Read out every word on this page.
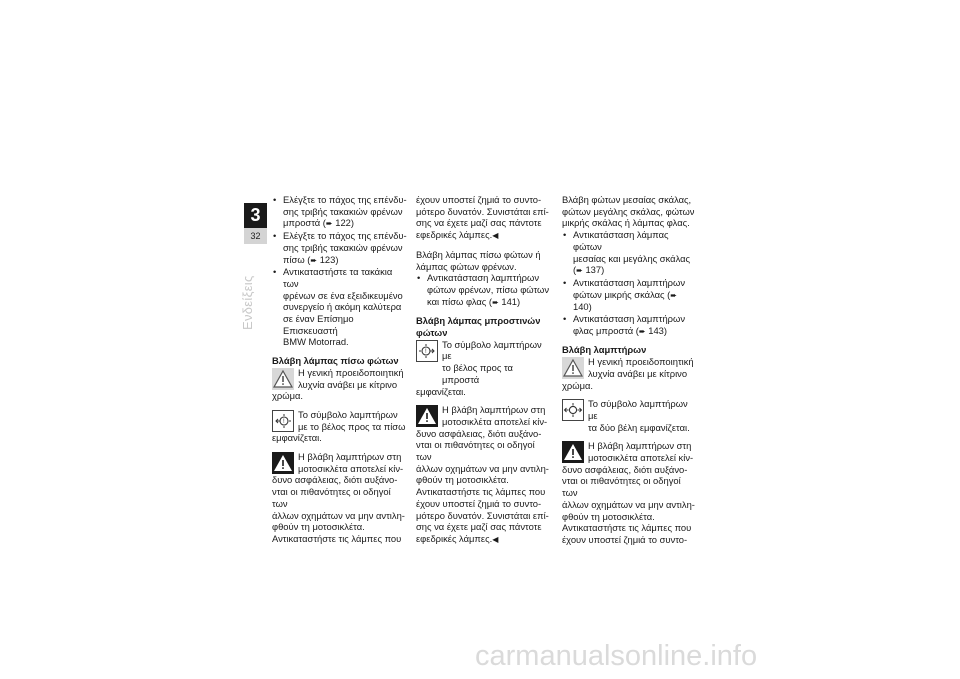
3
32
Ενδείξεις
• Ελέγξτε το πάχος της επένδυ-
σης τριβής τακακιών φρένων
μπροστά (➨ 122)
• Ελέγξτε το πάχος της επένδυ-
σης τριβής τακακιών φρένων
πίσω (➨ 123)
• Αντικαταστήστε τα τακάκια των
φρένων σε ένα εξειδικευμένο
συνεργείο ή ακόμη καλύτερα
σε έναν Επίσημο Επισκευαστή
BMW Motorrad.
Βλάβη λάμπας πίσω φώτων
Η γενική προειδοποιητική
λυχνία ανάβει με κίτρινο
χρώμα.
!
Το σύμβολο λαμπτήρων
με το βέλος προς τα πίσω
εμφανίζεται.
Η βλάβη λαμπτήρων στη
μοτοσικλέτα αποτελεί κίν-
δυνο ασφάλειας, διότι αυξάνο-
νται οι πιθανότητες οι οδηγοί των
άλλων οχημάτων να μην αντιλη-
φθούν τη μοτοσικλέτα.
Αντικαταστήστε τις λάμπες που
έχουν υποστεί ζημιά το συντο-
μότερο δυνατόν. Συνιστάται επί-
σης να έχετε μαζί σας πάντοτε
εφεδρικές λάμπες.◀
Βλάβη λάμπας πίσω φώτων ή
λάμπας φώτων φρένων.
• Αντικατάσταση λαμπτήρων
φώτων φρένων, πίσω φώτων
και πίσω φλας (➨ 141)
Βλάβη λάμπας μπροστινών
φώτων
!
Το σύμβολο λαμπτήρων με
το βέλος προς τα μπροστά
εμφανίζεται.
Η βλάβη λαμπτήρων στη
μοτοσικλέτα αποτελεί κίν-
δυνο ασφάλειας, διότι αυξάνο-
νται οι πιθανότητες οι οδηγοί των
άλλων οχημάτων να μην αντιλη-
φθούν τη μοτοσικλέτα.
Αντικαταστήστε τις λάμπες που
έχουν υποστεί ζημιά το συντο-
μότερο δυνατόν. Συνιστάται επί-
σης να έχετε μαζί σας πάντοτε
εφεδρικές λάμπες.◀
Βλάβη φώτων μεσαίας σκάλας,
φώτων μεγάλης σκάλας, φώτων
μικρής σκάλας ή λάμπας φλας.
• Αντικατάσταση λάμπας φώτων
μεσαίας και μεγάλης σκάλας
(➨ 137)
• Αντικατάσταση λαμπτήρων
φώτων μικρής σκάλας (➨ 140)
• Αντικατάσταση λαμπτήρων
φλας μπροστά (➨ 143)
Βλάβη λαμπτήρων
Η γενική προειδοποιητική
λυχνία ανάβει με κίτρινο
χρώμα.
Το σύμβολο λαμπτήρων με
τα δύο βέλη εμφανίζεται.
Η βλάβη λαμπτήρων στη
μοτοσικλέτα αποτελεί κίν-
δυνο ασφάλειας, διότι αυξάνο-
νται οι πιθανότητες οι οδηγοί των
άλλων οχημάτων να μην αντιλη-
φθούν τη μοτοσικλέτα.
Αντικαταστήστε τις λάμπες που
έχουν υποστεί ζημιά το συντο-
carmanualsonline.info
